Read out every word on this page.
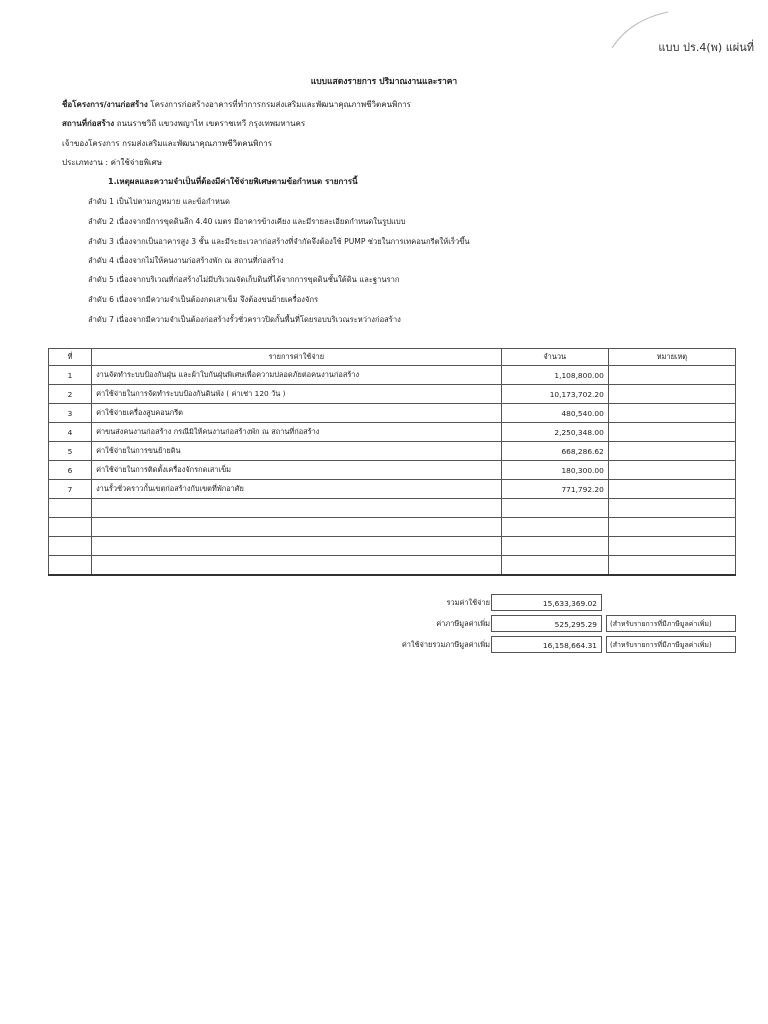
แบบ ปร.4(พ) แผ่นที่
แบบแสดงรายการ ปริมาณงานและราคา
ชื่อโครงการ/งานก่อสร้าง โครงการก่อสร้างอาคารที่ทำการกรมส่งเสริมและพัฒนาคุณภาพชีวิตคนพิการ
สถานที่ก่อสร้าง ถนนราชวิถี แขวงพญาไท เขตราชเทวี กรุงเทพมหานคร
เจ้าของโครงการ กรมส่งเสริมและพัฒนาคุณภาพชีวิตคนพิการ
ประเภทงาน : ค่าใช้จ่ายพิเศษ
1.เหตุผลและความจำเป็นที่ต้องมีค่าใช้จ่ายพิเศษตามข้อกำหนด รายการนี้
ลำดับ 1 เป็นไปตามกฎหมาย และข้อกำหนด
ลำดับ 2 เนื่องจากมีการขุดดินลึก 4.40 เมตร มีอาคารข้างเคียง และมีรายละเอียดกำหนดในรูปแบบ
ลำดับ 3 เนื่องจากเป็นอาคารสูง 3 ชั้น และมีระยะเวลาก่อสร้างที่จำกัดจึงต้องใช้ PUMP ช่วยในการเทคอนกรีตให้เร็วขึ้น
ลำดับ 4 เนื่องจากไม่ให้คนงานก่อสร้างพัก ณ สถานที่ก่อสร้าง
ลำดับ 5 เนื่องจากบริเวณที่ก่อสร้างไม่มีบริเวณจัดเก็บดินที่ได้จากการขุดดินชั้นใต้ดิน และฐานราก
ลำดับ 6 เนื่องจากมีความจำเป็นต้องกดเสาเข็ม จึงต้องขนย้ายเครื่องจักร
ลำดับ 7 เนื่องจากมีความจำเป็นต้องก่อสร้างรั้วชั่วคราวปิดกั้นพื้นที่โดยรอบบริเวณระหว่างก่อสร้าง
ที่	รายการค่าใช้จ่าย	จำนวน	หมายเหตุ
1	งานจัดทำระบบป้องกันฝุ่น และผ้าใบกันฝุ่นพิเศษเพื่อความปลอดภัยต่อคนงานก่อสร้าง	1,108,800.00	
2	ค่าใช้จ่ายในการจัดทำระบบป้องกันดินพัง ( ค่าเช่า 120 วัน )	10,173,702.20	
3	ค่าใช้จ่ายเครื่องสูบคอนกรีต	480,540.00	
4	ค่าขนส่งคนงานก่อสร้าง กรณีมิให้คนงานก่อสร้างพัก ณ สถานที่ก่อสร้าง	2,250,348.00	
5	ค่าใช้จ่ายในการขนย้ายดิน	668,286.62	
6	ค่าใช้จ่ายในการติดตั้งเครื่องจักรกดเสาเข็ม	180,300.00	
7	งานรั้วชั่วคราวกั้นเขตก่อสร้างกับเขตที่พักอาศัย	771,792.20	

รวมค่าใช้จ่าย	15,633,369.02
ค่าภาษีมูลค่าเพิ่ม	525,295.29	(สำหรับรายการที่มีภาษีมูลค่าเพิ่ม)
ค่าใช้จ่ายรวมภาษีมูลค่าเพิ่ม	16,158,664.31	(สำหรับรายการที่มีภาษีมูลค่าเพิ่ม)
